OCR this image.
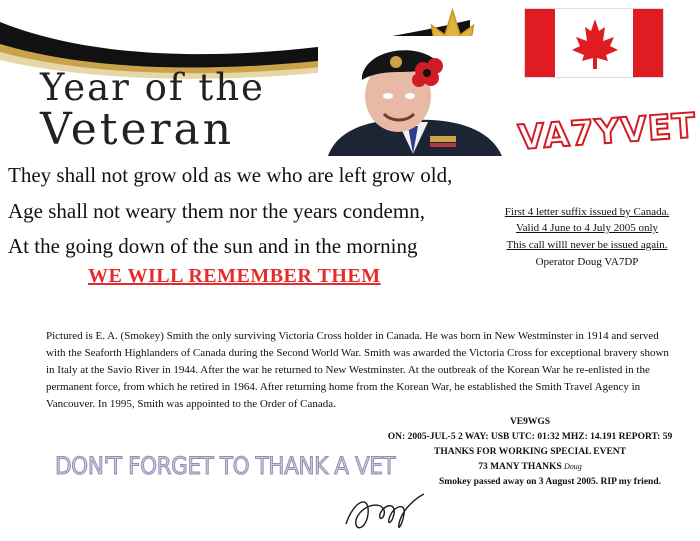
Year of the
Veteran	VA7YVET
They shall not grow old as we who are left grow old,
Age shall not weary them nor the years condemn,
At the going down of the sun and in the morning
WE WILL REMEMBER THEM
First 4 letter suffix issued by Canada.
Valid 4 June to 4 July 2005 only
This call willl never be issued again.
Operator Doug VA7DP
Pictured is E. A. (Smokey) Smith the only surviving Victoria Cross holder in Canada. He was born in New Westminster in 1914 and served with the Seaforth Highlanders of Canada during the Second World War. Smith was awarded the Victoria Cross for exceptional bravery shown in Italy at the Savio River in 1944. After the war he returned to New Westminster. At the outbreak of the Korean War he re-enlisted in the permanent force, from which he retired in 1964. After returning home from the Korean War, he established the Smith Travel Agency in Vancouver. In 1995, Smith was appointed to the Order of Canada.
DON'T FORGET TO THANK A VET
VE9WGS
ON: 2005-JUL-5 2 WAY: USB UTC: 01:32 MHZ: 14.191 REPORT: 59
THANKS FOR WORKING SPECIAL EVENT
73 MANY THANKS Doug
Smokey passed away on 3 August 2005. RIP my friend.
